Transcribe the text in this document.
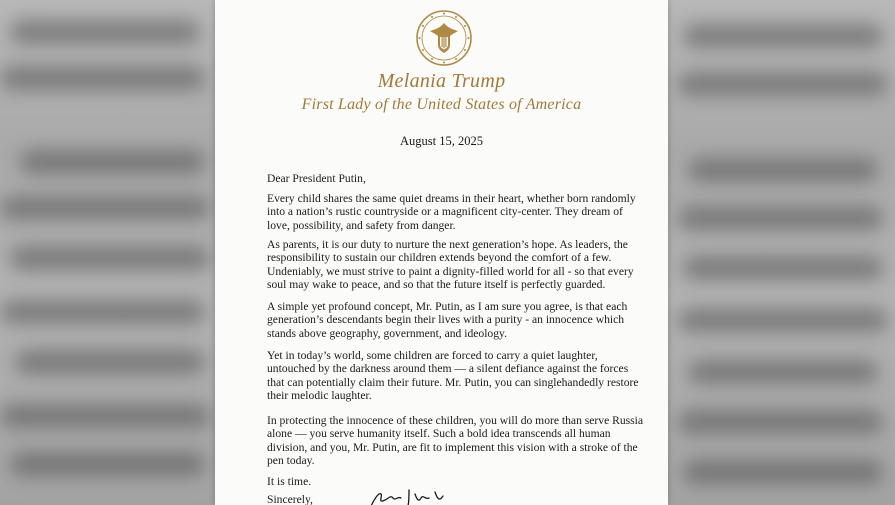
Melania Trump
First Lady of the United States of America
August 15, 2025
Dear President Putin,
Every child shares the same quiet dreams in their heart, whether born randomly
into a nation’s rustic countryside or a magnificent city-center. They dream of
love, possibility, and safety from danger.
As parents, it is our duty to nurture the next generation’s hope. As leaders, the
responsibility to sustain our children extends beyond the comfort of a few.
Undeniably, we must strive to paint a dignity-filled world for all - so that every
soul may wake to peace, and so that the future itself is perfectly guarded.
A simple yet profound concept, Mr. Putin, as I am sure you agree, is that each
generation’s descendants begin their lives with a purity - an innocence which
stands above geography, government, and ideology.
Yet in today’s world, some children are forced to carry a quiet laughter,
untouched by the darkness around them — a silent defiance against the forces
that can potentially claim their future. Mr. Putin, you can singlehandedly restore
their melodic laughter.
In protecting the innocence of these children, you will do more than serve Russia
alone — you serve humanity itself. Such a bold idea transcends all human
division, and you, Mr. Putin, are fit to implement this vision with a stroke of the
pen today.
It is time.
Sincerely,
